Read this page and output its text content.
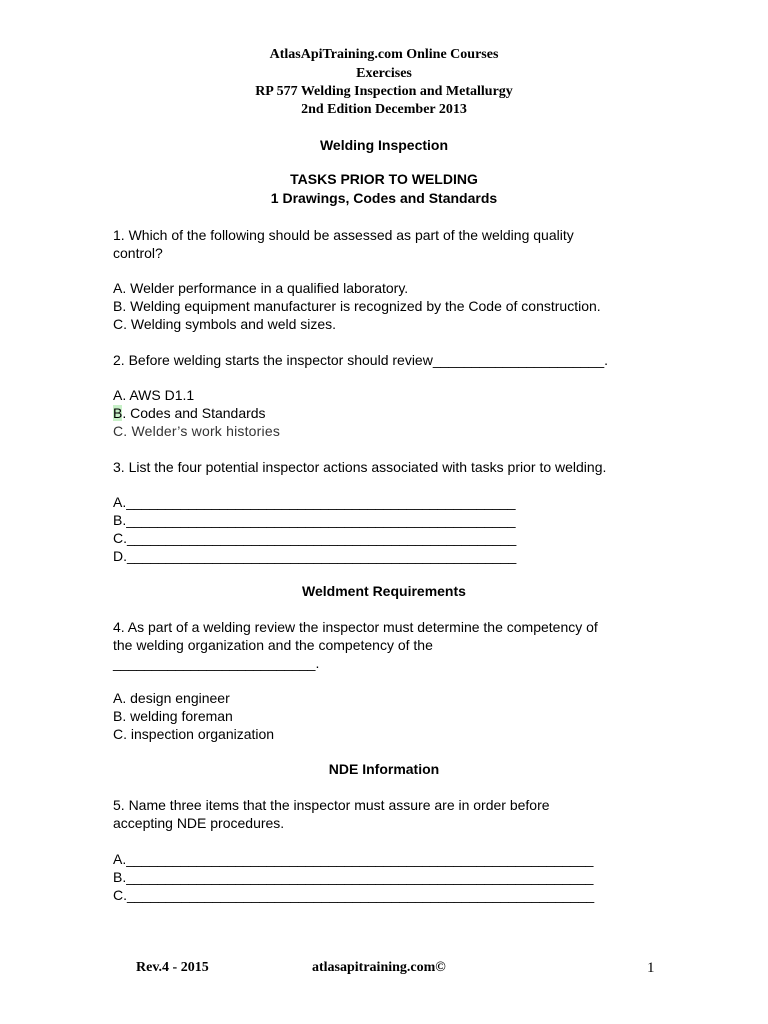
AtlasApiTraining.com Online Courses
Exercises
RP 577 Welding Inspection and Metallurgy
2nd Edition December 2013
Welding Inspection
TASKS PRIOR TO WELDING
1 Drawings, Codes and Standards
1. Which of the following should be assessed as part of the welding quality
control?
A. Welder performance in a qualified laboratory.
B. Welding equipment manufacturer is recognized by the Code of construction.
C. Welding symbols and weld sizes.
2. Before welding starts the inspector should review______________________.
A. AWS D1.1
B. Codes and Standards
C. Welder’s work histories
3. List the four potential inspector actions associated with tasks prior to welding.
A.__________________________________________________
B.__________________________________________________
C.__________________________________________________
D.__________________________________________________
Weldment Requirements
4. As part of a welding review the inspector must determine the competency of
the welding organization and the competency of the
__________________________.
A. design engineer
B. welding foreman
C. inspection organization
NDE Information
5. Name three items that the inspector must assure are in order before
accepting NDE procedures.
A.____________________________________________________________
B.____________________________________________________________
C.____________________________________________________________
Rev.4 - 2015	atlasapitraining.com©	1
